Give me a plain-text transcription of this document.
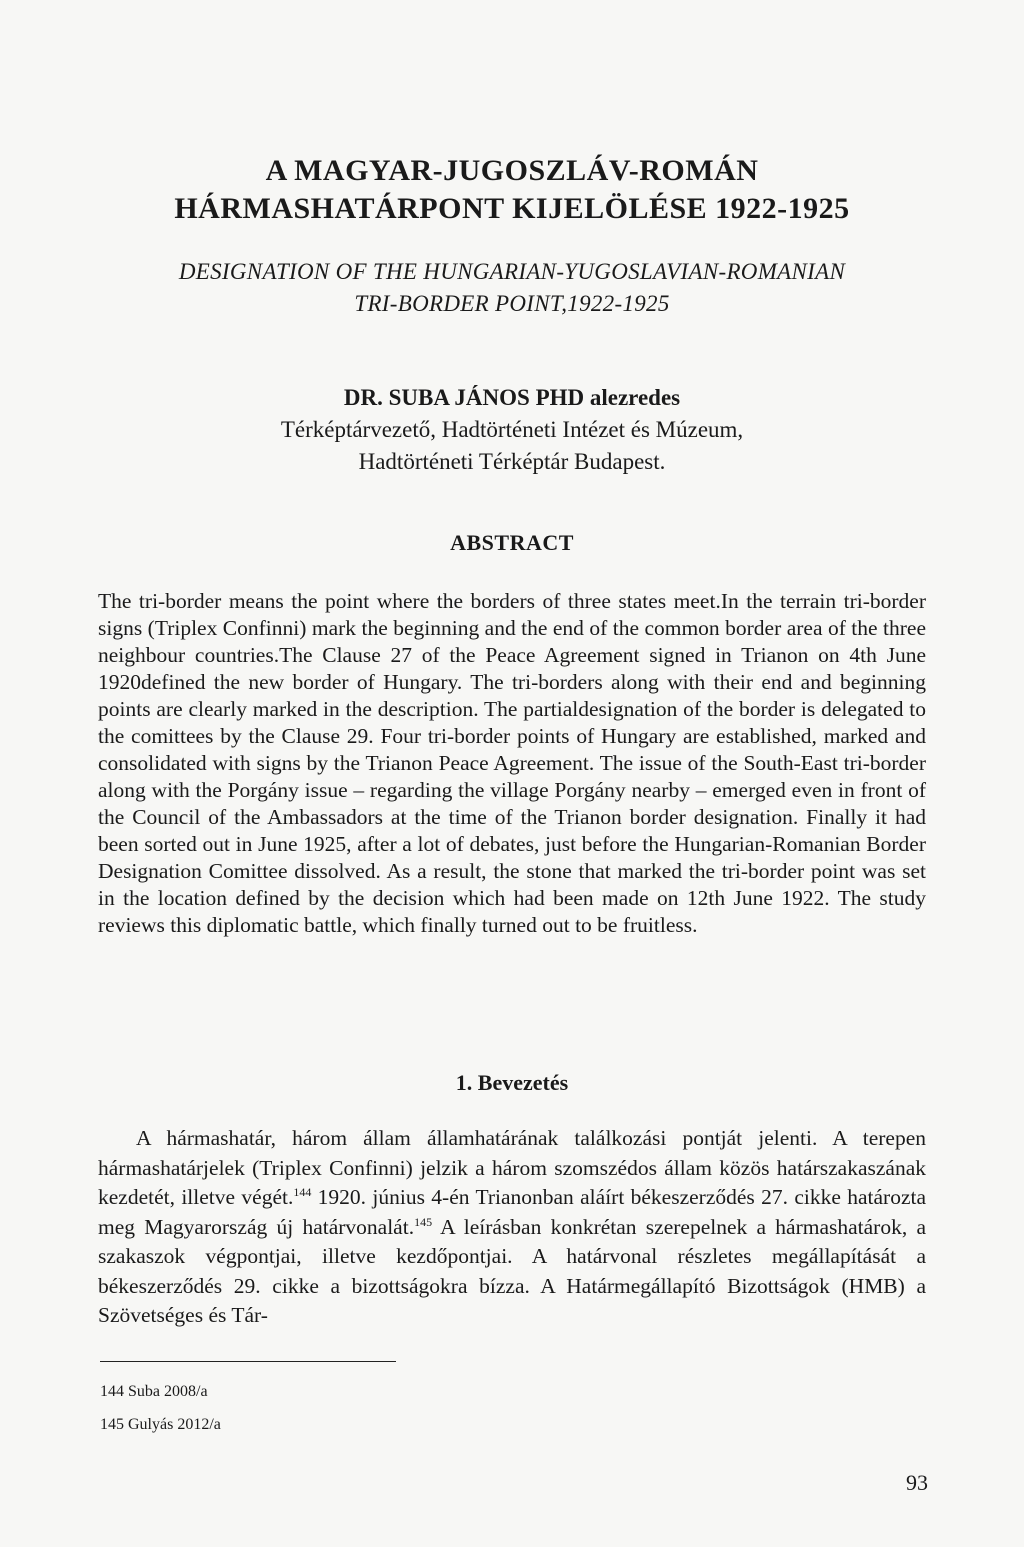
A MAGYAR-JUGOSZLÁV-ROMÁN
HÁRMASHATÁRPONT KIJELÖLÉSE 1922-1925
DESIGNATION OF THE HUNGARIAN-YUGOSLAVIAN-ROMANIAN
TRI-BORDER POINT,1922-1925
DR. SUBA JÁNOS PHD alezredes
Térképtárvezető, Hadtörténeti Intézet és Múzeum,
Hadtörténeti Térképtár Budapest.
ABSTRACT
The tri-border means the point where the borders of three states meet.In the terrain tri-border signs (Triplex Confinni) mark the beginning and the end of the common border area of the three neighbour countries.The Clause 27 of the Peace Agreement signed in Trianon on 4th June 1920defined the new border of Hungary. The tri-borders along with their end and beginning points are clearly marked in the description. The partialdesignation of the border is delegated to the comittees by the Clause 29. Four tri-border points of Hungary are established, marked and consolidated with signs by the Trianon Peace Agreement. The issue of the South-East tri-border along with the Porgány issue – regarding the village Porgány nearby – emerged even in front of the Council of the Ambassadors at the time of the Trianon border designation. Finally it had been sorted out in June 1925, after a lot of debates, just before the Hungarian-Romanian Border Designation Comittee dissolved. As a result, the stone that marked the tri-border point was set in the location defined by the decision which had been made on 12th June 1922. The study reviews this diplomatic battle, which finally turned out to be fruitless.
1. Bevezetés
A hármashatár, három állam államhatárának találkozási pontját jelenti. A terepen hármashatárjelek (Triplex Confinni) jelzik a három szomszédos állam közös határszakaszának kezdetét, illetve végét.$^{144}$ 1920. június 4-én Trianonban aláírt békeszerződés 27. cikke határozta meg Magyarország új határvonalát.$^{145}$ A leírásban konkrétan szerepelnek a hármashatárok, a szakaszok végpontjai, illetve kezdőpontjai. A határvonal részletes megállapítását a békeszerződés 29. cikke a bizottságokra bízza. A Határmegállapító Bizottságok (HMB) a Szövetséges és Tár-
144 Suba 2008/a
145 Gulyás 2012/a
93
